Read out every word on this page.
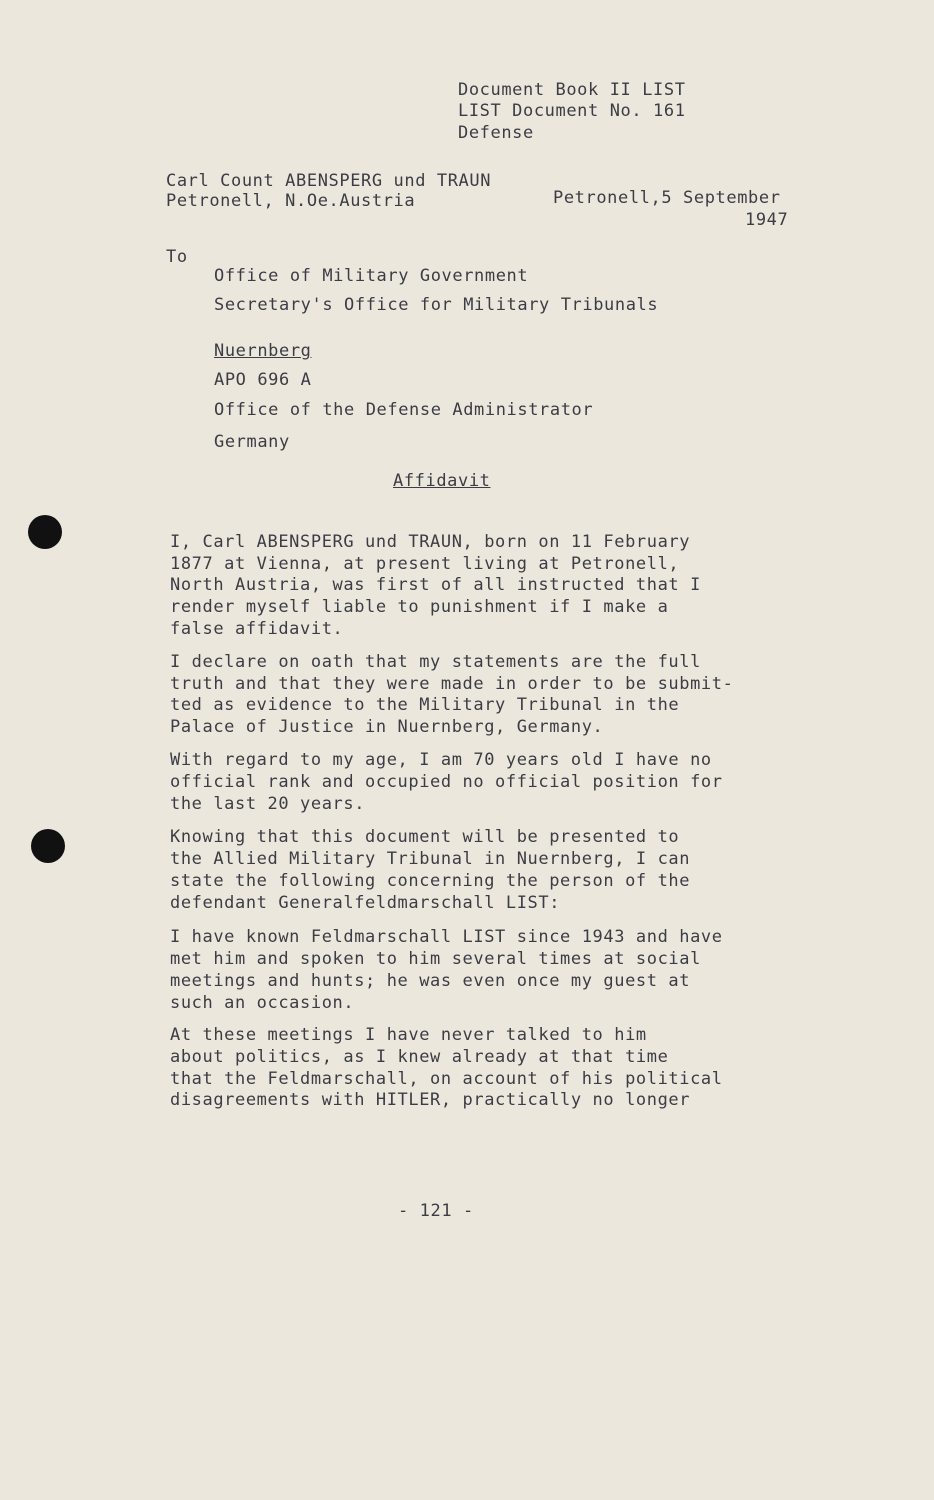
Document Book II LIST
LIST Document No. 161
Defense
Carl Count ABENSPERG und TRAUN
Petronell, N.Oe.Austria	Petronell,5 September
1947
To
Office of Military Government
Secretary's Office for Military Tribunals
Nuernberg
APO 696 A
Office of the Defense Administrator
Germany
Affidavit
I, Carl ABENSPERG und TRAUN, born on 11 February
1877 at Vienna, at present living at Petronell,
North Austria, was first of all instructed that I
render myself liable to punishment if I make a
false affidavit.
I declare on oath that my statements are the full
truth and that they were made in order to be submit-
ted as evidence to the Military Tribunal in the
Palace of Justice in Nuernberg, Germany.
With regard to my age, I am 70 years old I have no
official rank and occupied no official position for
the last 20 years.
Knowing that this document will be presented to
the Allied Military Tribunal in Nuernberg, I can
state the following concerning the person of the
defendant Generalfeldmarschall LIST:
I have known Feldmarschall LIST since 1943 and have
met him and spoken to him several times at social
meetings and hunts; he was even once my guest at
such an occasion.
At these meetings I have never talked to him
about politics, as I knew already at that time
that the Feldmarschall, on account of his political
disagreements with HITLER, practically no longer
- 121 -
